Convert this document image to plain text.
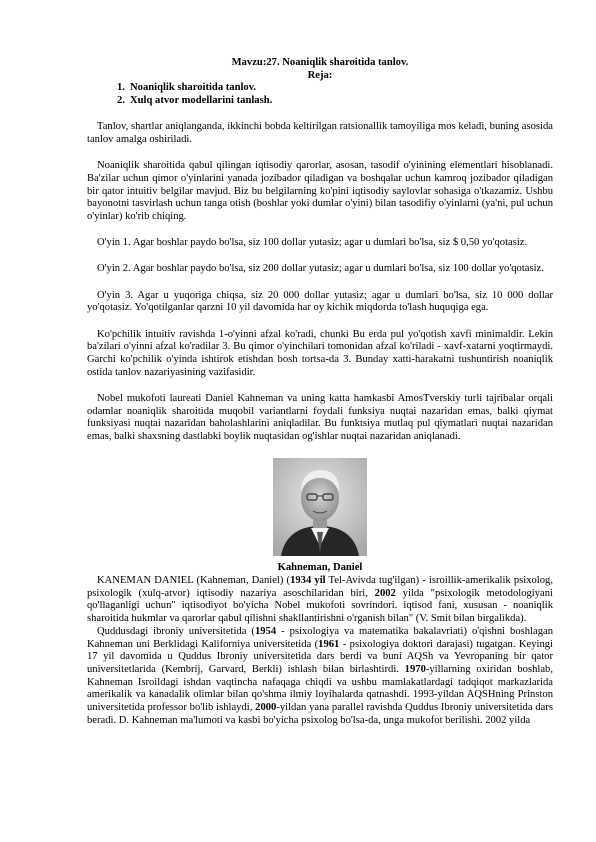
Mavzu:27. Noaniqlik sharoitida tanlov.

Reja:

1. Noaniqlik sharoitida tanlov.
2. Xulq atvor modellarini tanlash.

Tanlov, shartlar aniqlanganda, ikkinchi bobda keltirilgan ratsionallik tamoyiliga mos keladi, buning asosida tanlov amalga oshiriladi.

Noaniqlik sharoitida qabul qilingan iqtisodiy qarorlar, asosan, tasodif o'yinining elementlari hisoblanadi. Ba'zilar uchun qimor o'yinlarini yanada jozibador qiladigan va boshqalar uchun kamroq jozibador qiladigan bir qator intuitiv belgilar mavjud. Biz bu belgilarning ko'pini iqtisodiy saylovlar sohasiga o'tkazamiz. Ushbu bayonotni tasvirlash uchun tanga otish (boshlar yoki dumlar o'yini) bilan tasodifiy o'yinlarni (ya'ni, pul uchun o'yinlar) ko'rib chiqing.

O'yin 1. Agar boshlar paydo bo'lsa, siz 100 dollar yutasiz; agar u dumlari bo'lsa, siz $ 0,50 yo'qotasiz.

O'yin 2. Agar boshlar paydo bo'lsa, siz 200 dollar yutasiz; agar u dumlari bo'lsa, siz 100 dollar yo'qotasiz.

O'yin 3. Agar u yuqoriga chiqsa, siz 20 000 dollar yutasiz; agar u dumlari bo'lsa, siz 10 000 dollar yo'qotasiz. Yo'qotilganlar qarzni 10 yil davomida har oy kichik miqdorda to'lash huquqiga ega.

Ko'pchilik intuitiv ravishda 1-o'yinni afzal ko'radi, chunki Bu erda pul yo'qotish xavfi minimaldir. Lekin ba'zilari o'yinni afzal ko'radilar 3. Bu qimor o'yinchilari tomonidan afzal ko'riladi - xavf-xatarni yoqtirmaydi. Garchi ko'pchilik o'yinda ishtirok etishdan bosh tortsa-da 3. Bunday xatti-harakatni tushuntirish noaniqlik ostida tanlov nazariyasining vazifasidir.

Nobel mukofoti laureati Daniel Kahneman va uning katta hamkasbi AmosTverskiy turli tajribalar orqali odamlar noaniqlik sharoitida muqobil variantlarni foydali funksiya nuqtai nazaridan emas, balki qiymat funksiyasi nuqtai nazaridan baholashlarini aniqladilar. Bu funktsiya mutlaq pul qiymatlari nuqtai nazaridan emas, balki shaxsning dastlabki boylik nuqtasidan og'ishlar nuqtai nazaridan aniqlanadi.

Kahneman, Daniel

KANEMAN DANIEL (Kahneman, Daniel) (1934 yil Tel-Avivda tug'ilgan) - isroillik-amerikalik psixolog, psixologik (xulq-atvor) iqtisodiy nazariya asoschilaridan biri, 2002 yilda "psixologik metodologiyani qo'llaganligi uchun" iqtisodiyot bo'yicha Nobel mukofoti sovrindori. iqtisod fani, xususan - noaniqlik sharoitida hukmlar va qarorlar qabul qilishni shakllantirishni o'rganish bilan" (V. Smit bilan birgalikda).

Quddusdagi ibroniy universitetida (1954 - psixologiya va matematika bakalavriati) o'qishni boshlagan Kahneman uni Berklidagi Kaliforniya universitetida (1961 - psixologiya doktori darajasi) tugatgan. Keyingi 17 yil davomida u Quddus Ibroniy universitetida dars berdi va buni AQSh va Yevropaning bir qator universitetlarida (Kembrij, Garvard, Berkli) ishlash bilan birlashtirdi. 1970-yillarning oxiridan boshlab, Kahneman Isroildagi ishdan vaqtincha nafaqaga chiqdi va ushbu mamlakatlardagi tadqiqot markazlarida amerikalik va kanadalik olimlar bilan qo'shma ilmiy loyihalarda qatnashdi. 1993-yildan AQSHning Prinston universitetida professor bo'lib ishlaydi, 2000-yildan yana parallel ravishda Quddus Ibroniy universitetida dars beradi. D. Kahneman ma'lumoti va kasbi bo'yicha psixolog bo'lsa-da, unga mukofot berilishi. 2002 yilda
